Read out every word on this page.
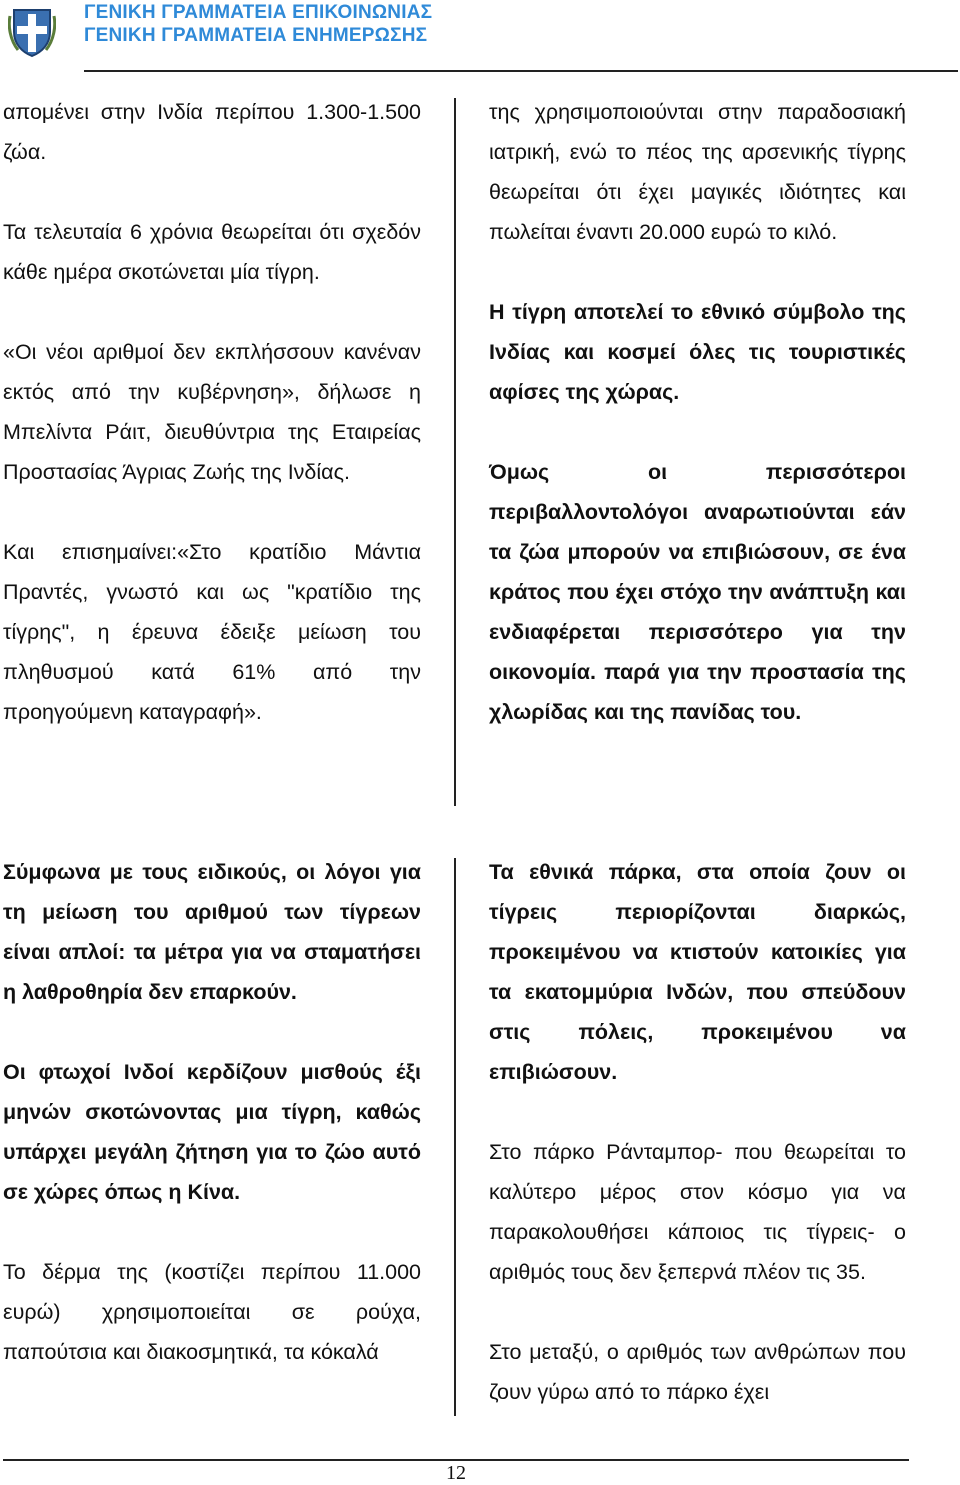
ΓΕΝΙΚΗ ΓΡΑΜΜΑΤΕΙΑ ΕΠΙΚΟΙΝΩΝΙΑΣ
ΓΕΝΙΚΗ ΓΡΑΜΜΑΤΕΙΑ ΕΝΗΜΕΡΩΣΗΣ

απομένει στην Ινδία περίπου 1.300-1.500 ζώα.

Τα τελευταία 6 χρόνια θεωρείται ότι σχεδόν κάθε ημέρα σκοτώνεται μία τίγρη.

«Οι νέοι αριθμοί δεν εκπλήσσουν κανέναν εκτός από την κυβέρνηση», δήλωσε η Μπελίντα Ράιτ, διευθύντρια της Εταιρείας Προστασίας Άγριας Ζωής της Ινδίας.

Και επισημαίνει:«Στο κρατίδιο Μάντια Πραντές, γνωστό και ως "κρατίδιο της τίγρης", η έρευνα έδειξε μείωση του πληθυσμού κατά 61% από την προηγούμενη καταγραφή».

της χρησιμοποιούνται στην παραδοσιακή ιατρική, ενώ το πέος της αρσενικής τίγρης θεωρείται ότι έχει μαγικές ιδιότητες και πωλείται έναντι 20.000 ευρώ το κιλό.

Η τίγρη αποτελεί το εθνικό σύμβολο της Ινδίας και κοσμεί όλες τις τουριστικές αφίσες της χώρας.

Όμως οι περισσότεροι περιβαλλοντολόγοι αναρωτιούνται εάν τα ζώα μπορούν να επιβιώσουν, σε ένα κράτος που έχει στόχο την ανάπτυξη και ενδιαφέρεται περισσότερο για την οικονομία. παρά για την προστασία της χλωρίδας και της πανίδας του.

Σύμφωνα με τους ειδικούς, οι λόγοι για τη μείωση του αριθμού των τίγρεων είναι απλοί: τα μέτρα για να σταματήσει η λαθροθηρία δεν επαρκούν.

Οι φτωχοί Ινδοί κερδίζουν μισθούς έξι μηνών σκοτώνοντας μια τίγρη, καθώς υπάρχει μεγάλη ζήτηση για το ζώο αυτό σε χώρες όπως η Κίνα.

Το δέρμα της (κοστίζει περίπου 11.000 ευρώ) χρησιμοποιείται σε ρούχα, παπούτσια και διακοσμητικά, τα κόκαλά

Τα εθνικά πάρκα, στα οποία ζουν οι τίγρεις περιορίζονται διαρκώς, προκειμένου να κτιστούν κατοικίες για τα εκατομμύρια Ινδών, που σπεύδουν στις πόλεις, προκειμένου να επιβιώσουν.

Στο πάρκο Ράνταμπορ- που θεωρείται το καλύτερο μέρος στον κόσμο για να παρακολουθήσει κάποιος τις τίγρεις- ο αριθμός τους δεν ξεπερνά πλέον τις 35.

Στο μεταξύ, ο αριθμός των ανθρώπων που ζουν γύρω από το πάρκο έχει

12
